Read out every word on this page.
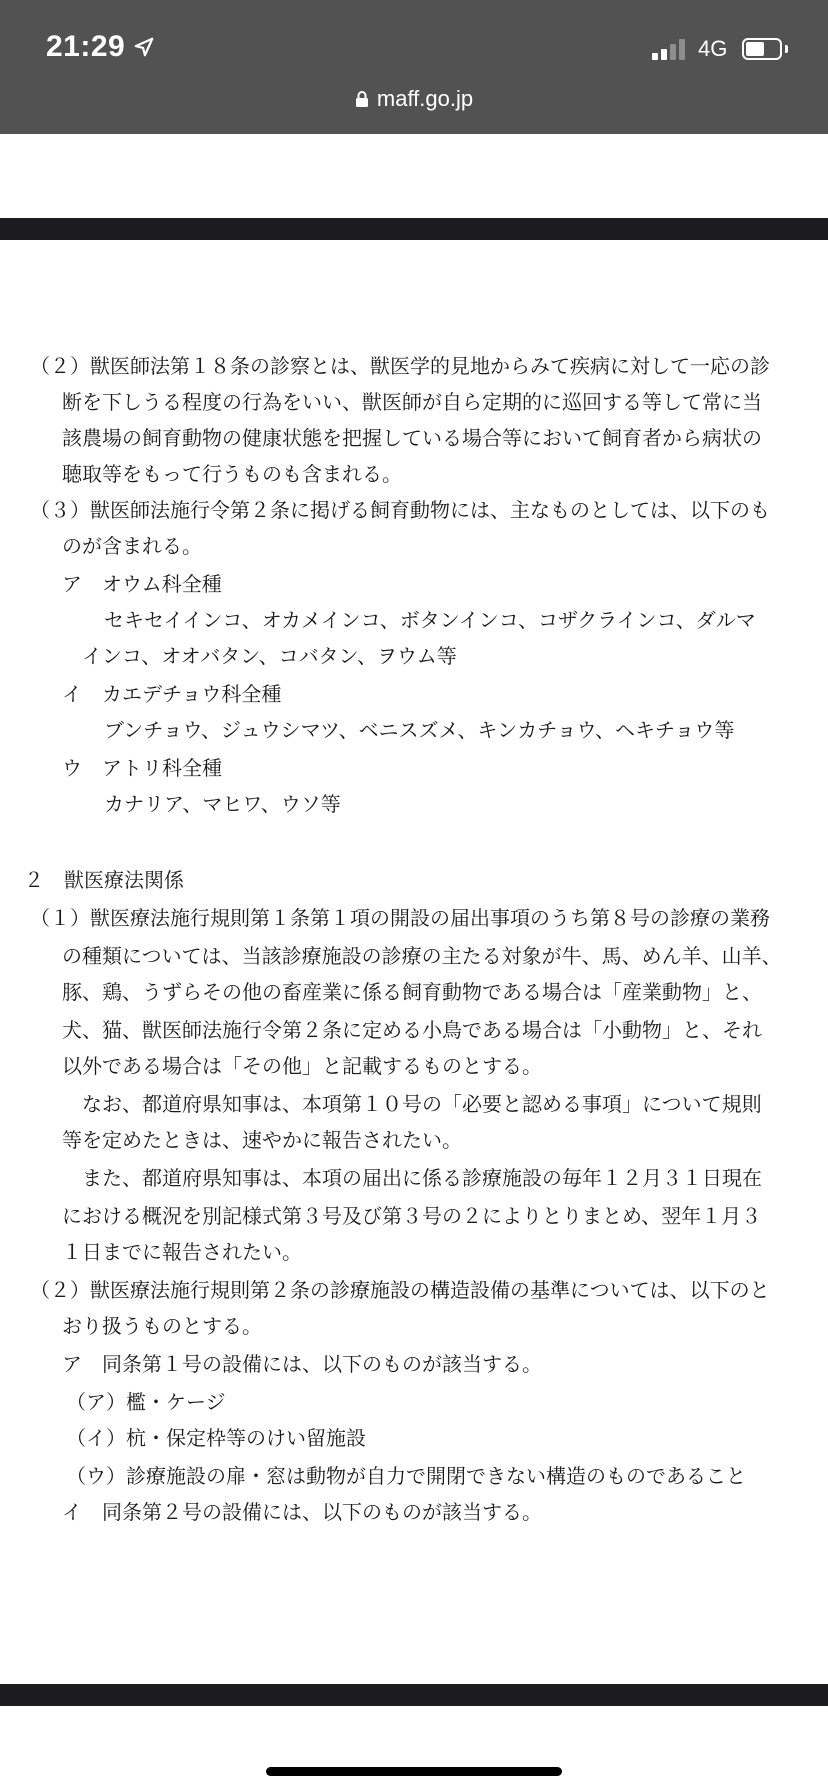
21:29	4G
maff.go.jp
（２）獣医師法第１８条の診察とは、獣医学的見地からみて疾病に対して一応の診
断を下しうる程度の行為をいい、獣医師が自ら定期的に巡回する等して常に当
該農場の飼育動物の健康状態を把握している場合等において飼育者から病状の
聴取等をもって行うものも含まれる。
（３）獣医師法施行令第２条に掲げる飼育動物には、主なものとしては、以下のも
のが含まれる。
ア　オウム科全種
セキセイインコ、オカメインコ、ボタンインコ、コザクラインコ、ダルマ
インコ、オオバタン、コバタン、ヲウム等
イ　カエデチョウ科全種
ブンチョウ、ジュウシマツ、ベニスズメ、キンカチョウ、ヘキチョウ等
ウ　アトリ科全種
カナリア、マヒワ、ウソ等
２　獣医療法関係
（１）獣医療法施行規則第１条第１項の開設の届出事項のうち第８号の診療の業務
の種類については、当該診療施設の診療の主たる対象が牛、馬、めん羊、山羊、
豚、鶏、うずらその他の畜産業に係る飼育動物である場合は「産業動物」と、
犬、猫、獣医師法施行令第２条に定める小鳥である場合は「小動物」と、それ
以外である場合は「その他」と記載するものとする。
なお、都道府県知事は、本項第１０号の「必要と認める事項」について規則
等を定めたときは、速やかに報告されたい。
また、都道府県知事は、本項の届出に係る診療施設の毎年１２月３１日現在
における概況を別記様式第３号及び第３号の２によりとりまとめ、翌年１月３
１日までに報告されたい。
（２）獣医療法施行規則第２条の診療施設の構造設備の基準については、以下のと
おり扱うものとする。
ア　同条第１号の設備には、以下のものが該当する。
（ア）檻・ケージ
（イ）杭・保定枠等のけい留施設
（ウ）診療施設の扉・窓は動物が自力で開閉できない構造のものであること
イ　同条第２号の設備には、以下のものが該当する。
